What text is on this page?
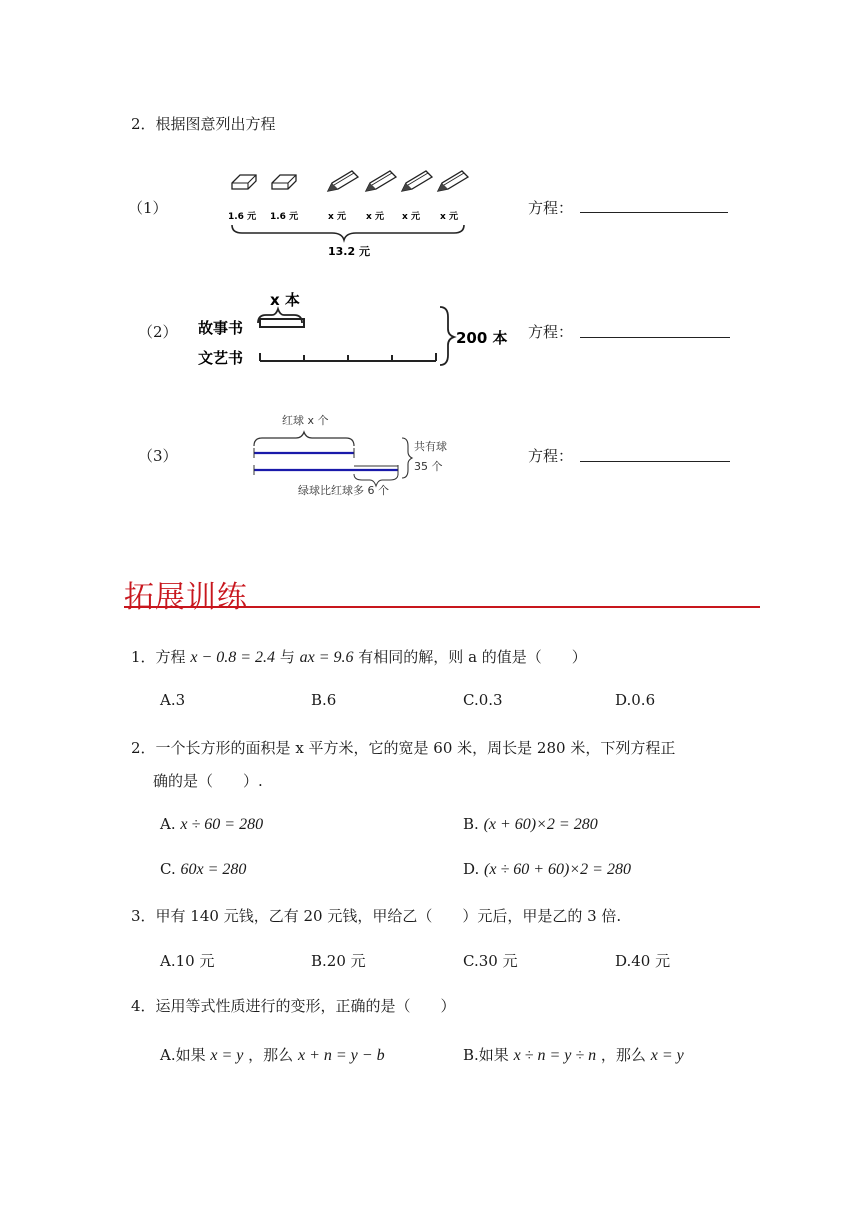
2．根据图意列出方程
（1）	1.6 元 1.6 元	x 元 x 元 x 元 x 元
13.2 元
方程：
（2）
x 本
故事书
文艺书
200 本 方程：
（3）
红球 x 个
共有球
35 个
绿球比红球多 6 个
方程：
拓展训练
1．方程 x − 0.8 = 2.4 与 ax = 9.6 有相同的解，则 a 的值是（　　）
A.3	B.6	C.0.3	D.0.6
2．一个长方形的面积是 x 平方米，它的宽是 60 米，周长是 280 米，下列方程正
确的是（　　）.
A. x ÷ 60 = 280	B. (x + 60)×2 = 280
C. 60x = 280	D. (x ÷ 60 + 60)×2 = 280
3．甲有 140 元钱，乙有 20 元钱，甲给乙（　　）元后，甲是乙的 3 倍.
A.10 元	B.20 元	C.30 元	D.40 元
4．运用等式性质进行的变形，正确的是（　　）
A.如果 x = y ，那么 x + n = y − b	B.如果 x ÷ n = y ÷ n ，那么 x = y
